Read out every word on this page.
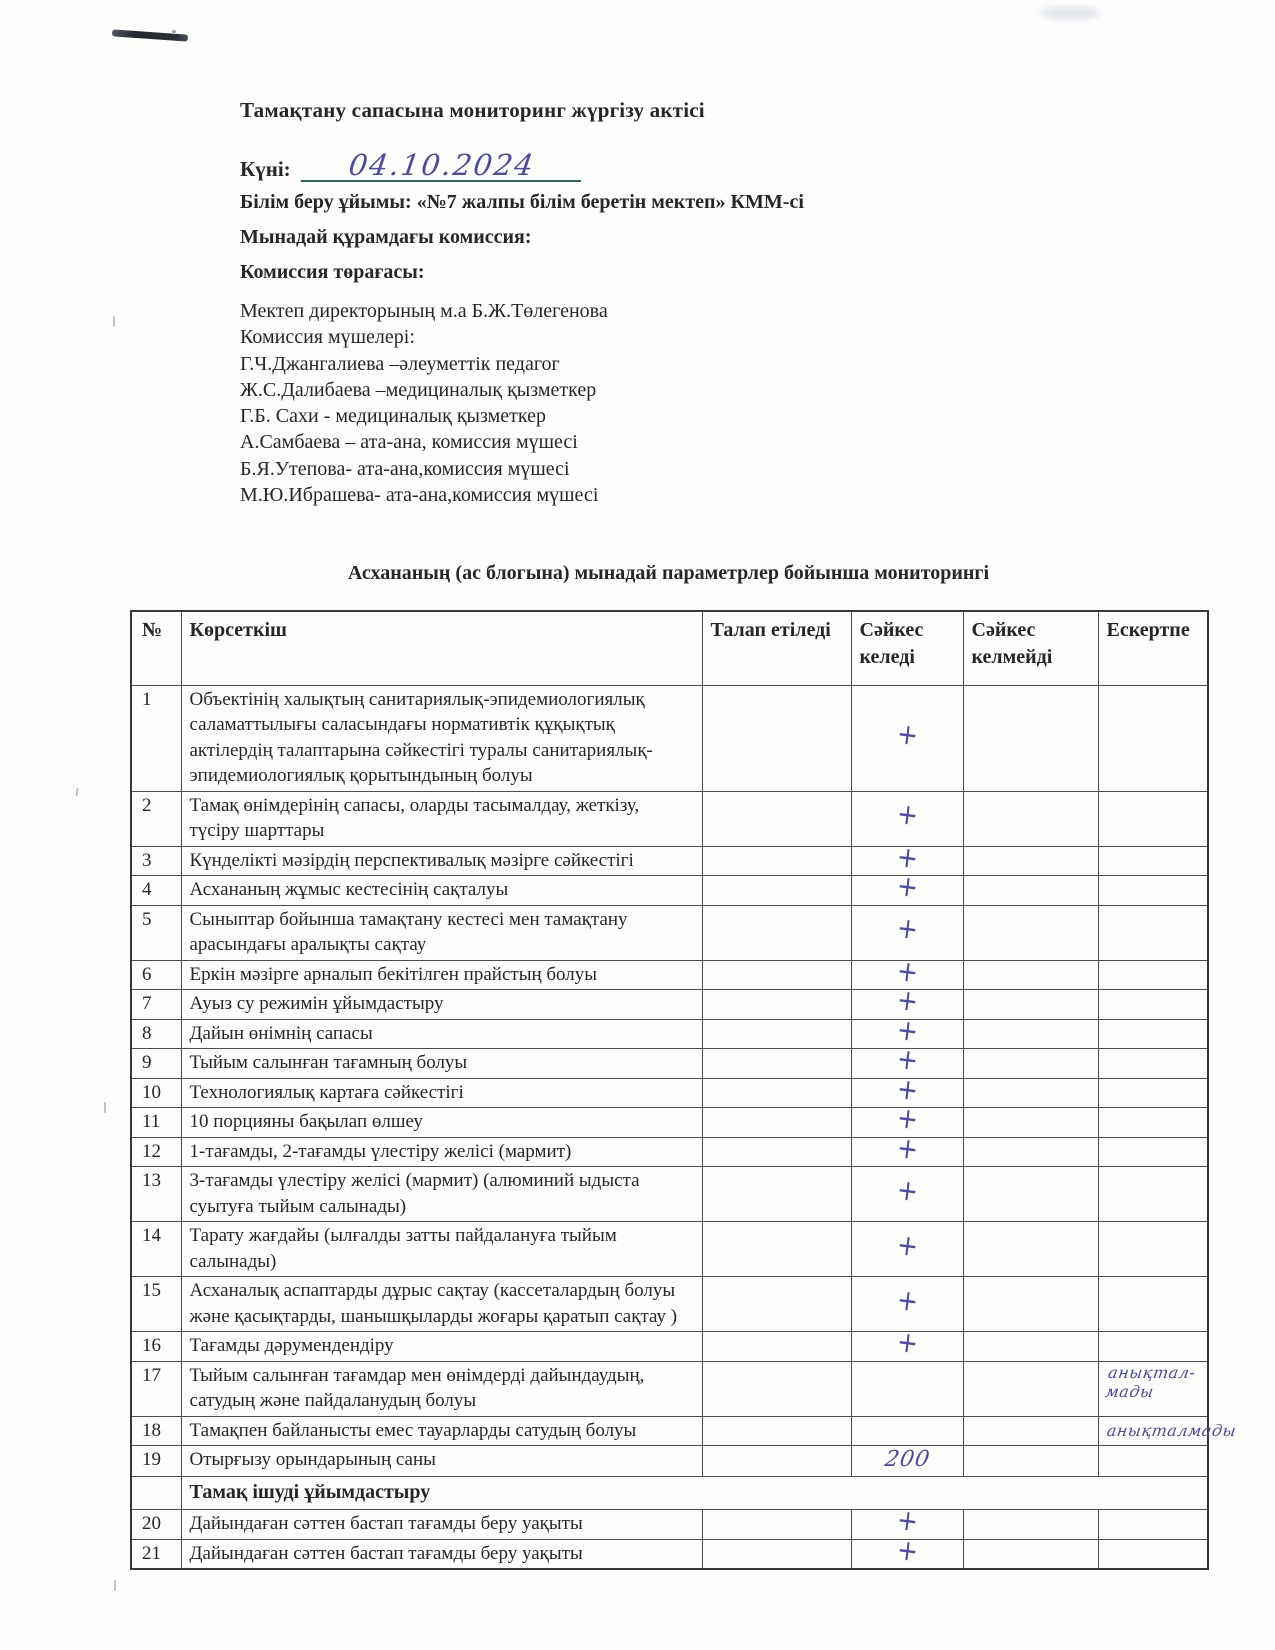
Тамақтану сапасына мониторинг жүргізу актісі
Күні: 04.10.2024
Білім беру ұйымы: «№7 жалпы білім беретін мектеп» КММ-сі
Мынадай құрамдағы комиссия:
Комиссия төрағасы:
Мектеп директорының м.а Б.Ж.Төлегенова
Комиссия мүшелері:
Г.Ч.Джангалиева –әлеуметтік педагог
Ж.С.Далибаева –медициналық қызметкер
Г.Б. Сахи - медициналық қызметкер
А.Самбаева – ата-ана, комиссия мүшесі
Б.Я.Утепова- ата-ана,комиссия мүшесі
М.Ю.Ибрашева- ата-ана,комиссия мүшесі
Асхананың (ас блогына) мынадай параметрлер бойынша мониторингі
№	Көрсеткіш	Талап етіледі	Сәйкес келеді	Сәйкес келмейді	Ескертпе
1	Объектінің халықтың санитариялық-эпидемиологиялық саламаттылығы саласындағы нормативтік құқықтық актілердің талаптарына сәйкестігі туралы санитариялық-эпидемиологиялық қорытындының болуы		+		
2	Тамақ өнімдерінің сапасы, оларды тасымалдау, жеткізу, түсіру шарттары		+		
3	Күнделікті мәзірдің перспективалық мәзірге сәйкестігі		+		
4	Асхананың жұмыс кестесінің сақталуы		+		
5	Сыныптар бойынша тамақтану кестесі мен тамақтану арасындағы аралықты сақтау		+		
6	Еркін мәзірге арналып бекітілген прайстың болуы		+		
7	Ауыз су режимін ұйымдастыру		+		
8	Дайын өнімнің сапасы		+		
9	Тыйым салынған тағамның болуы		+		
10	Технологиялық картаға сәйкестігі		+		
11	10 порцияны бақылап өлшеу		+		
12	1-тағамды, 2-тағамды үлестіру желісі (мармит)		+		
13	3-тағамды үлестіру желісі (мармит) (алюминий ыдыста суытуға тыйым салынады)		+		
14	Тарату жағдайы (ылғалды затты пайдалануға тыйым салынады)		+		
15	Асханалық аспаптарды дұрыс сақтау (кассеталардың болуы және қасықтарды, шанышқыларды жоғары қаратып сақтау )		+		
16	Тағамды дәрумендендіру		+		
17	Тыйым салынған тағамдар мен өнімдерді дайындаудың, сатудың және пайдаланудың болуы				анықтал-мады
18	Тамақпен байланысты емес тауарларды сатудың болуы				анықталмады
19	Отырғызу орындарының саны		200		
	Тамақ ішуді ұйымдастыру				
20	Дайындаған сәттен бастап тағамды беру уақыты		+		
21	Дайындаған сәттен бастап тағамды беру уақыты		+		
